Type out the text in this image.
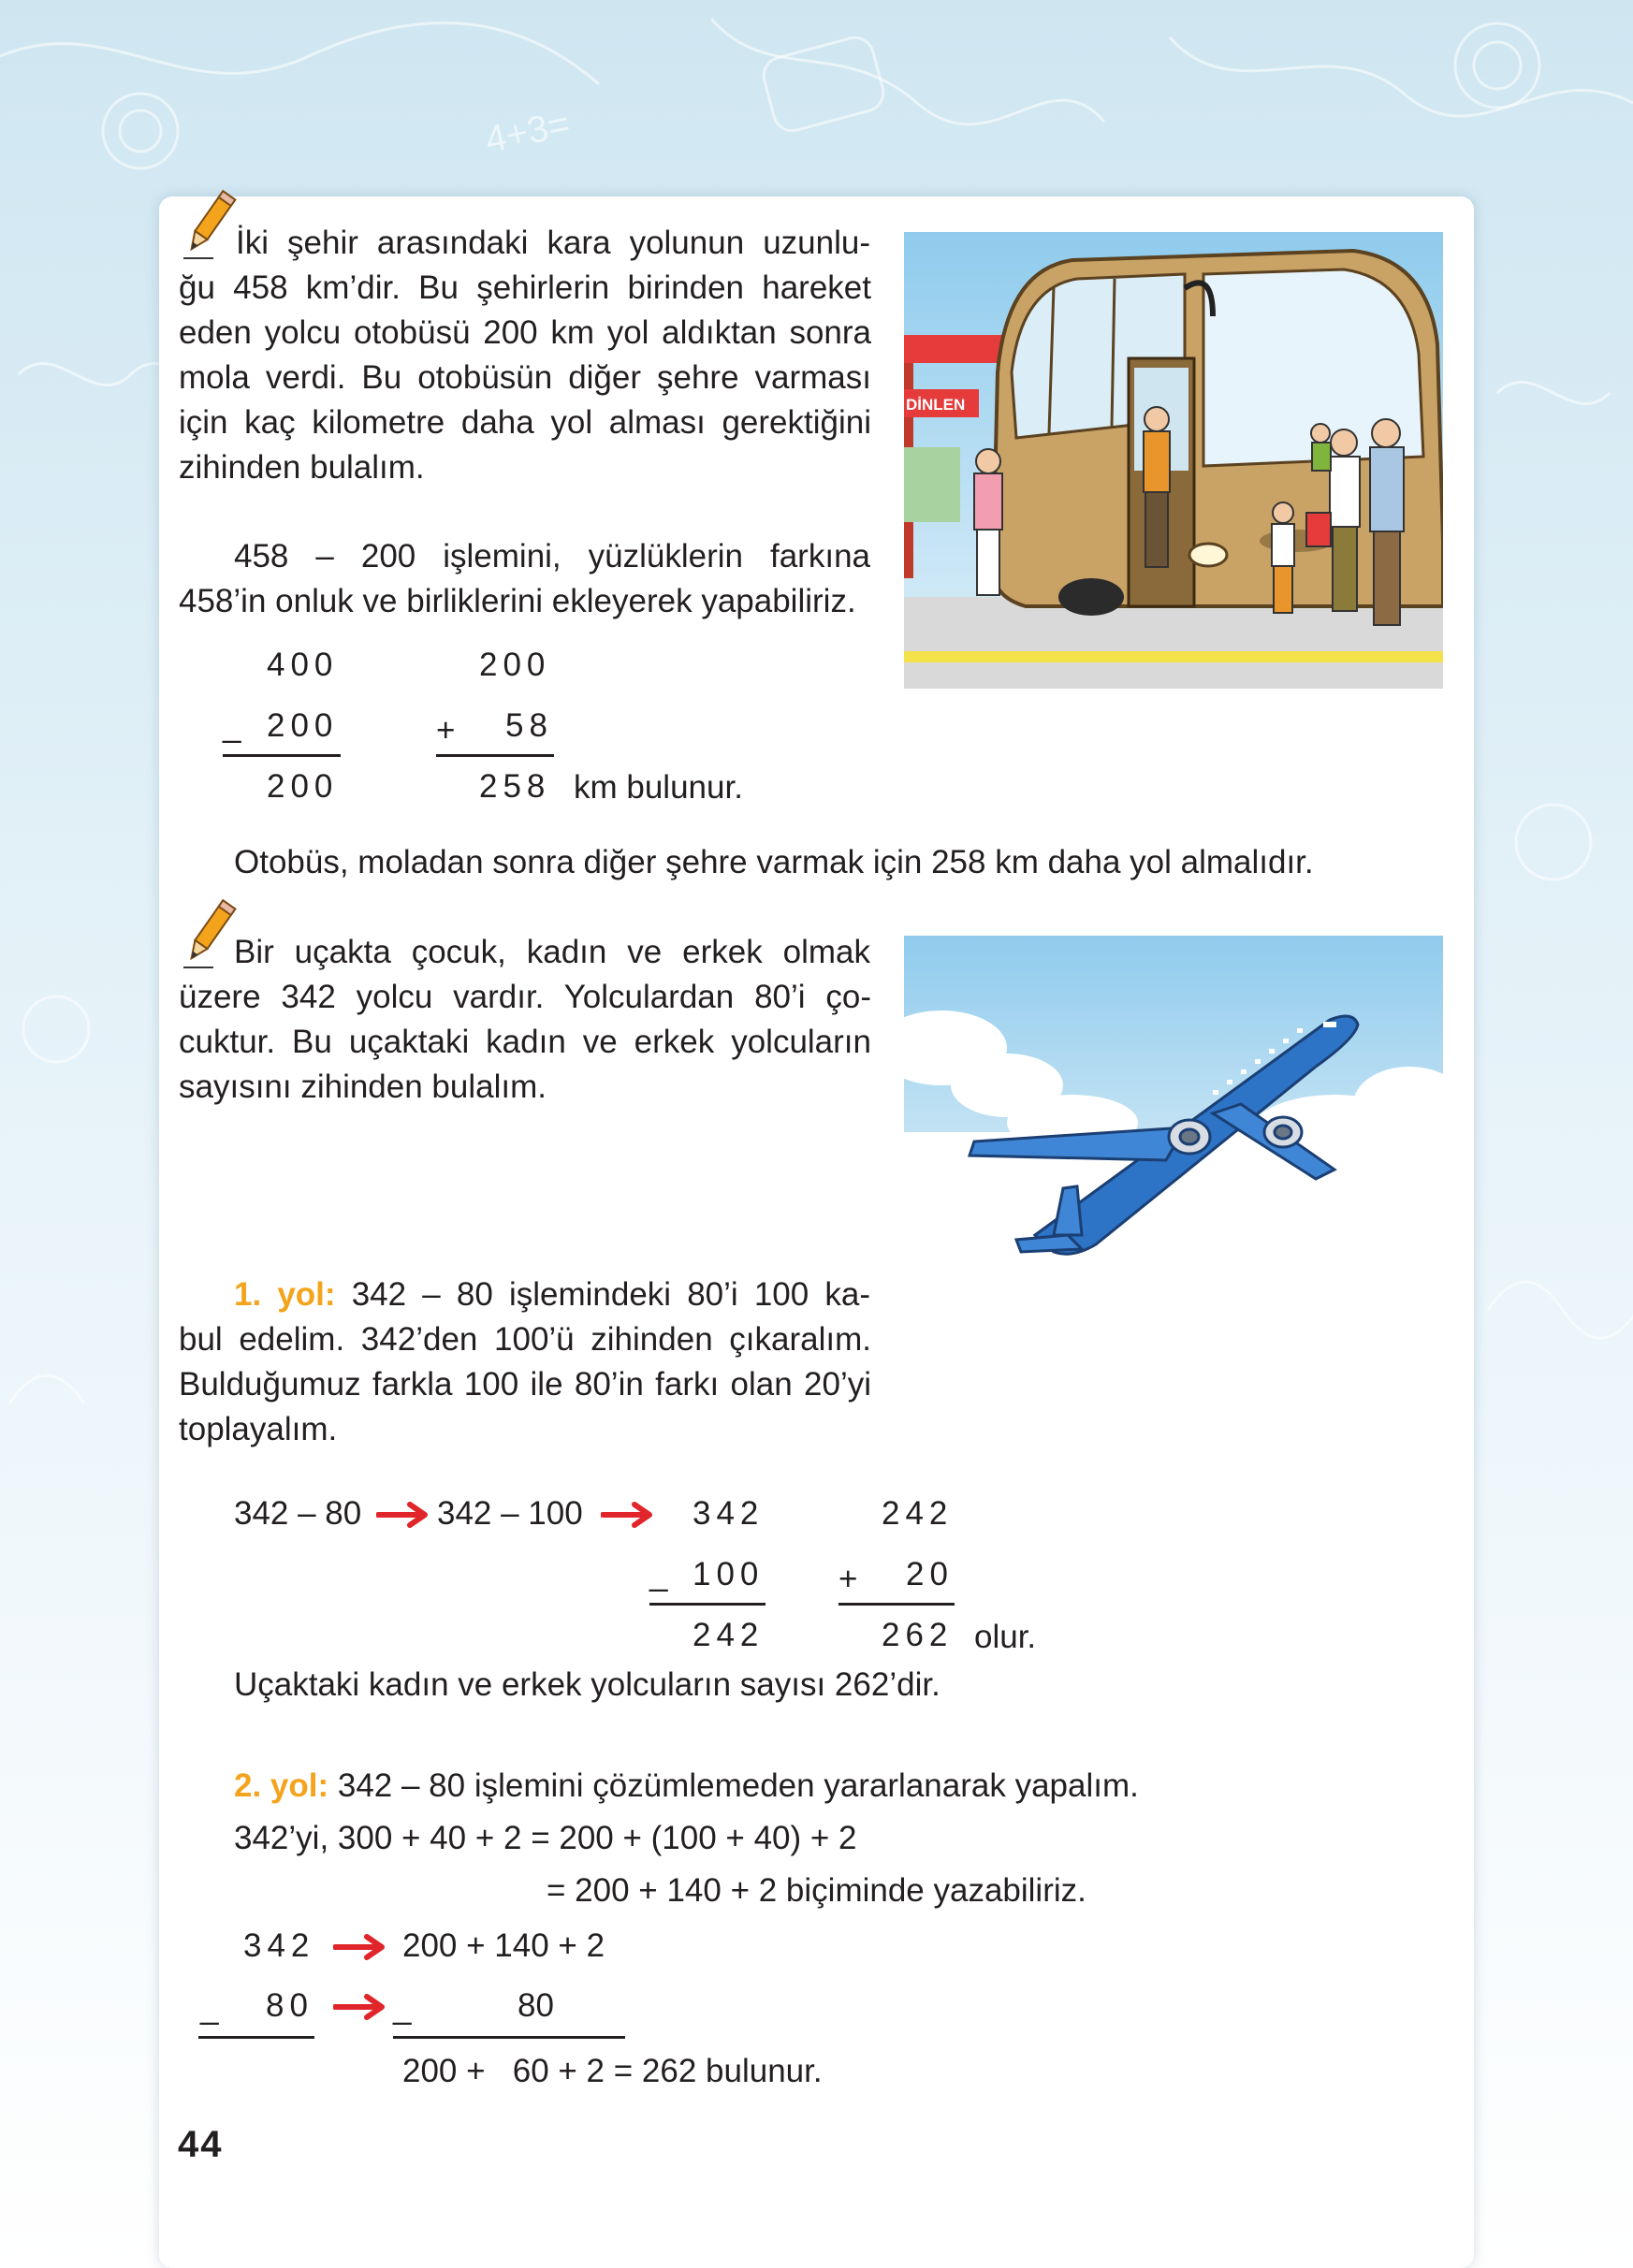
4+3=
İki şehir arasındaki kara yolunun uzunlu-
ğu 458 km’dir. Bu şehirlerin birinden hareket
eden yolcu otobüsü 200 km yol aldıktan sonra
mola verdi. Bu otobüsün diğer şehre varması
için kaç kilometre daha yol alması gerektiğini
zihinden bulalım.
458 – 200 işlemini, yüzlüklerin farkına
458’in onluk ve birliklerini ekleyerek yapabiliriz.
400
_ 200
200
200
+ 58
258 km bulunur.
Otobüs, moladan sonra diğer şehre varmak için 258 km daha yol almalıdır.
DİNLEN
Bir uçakta çocuk, kadın ve erkek olmak
üzere 342 yolcu vardır. Yolculardan 80’i ço-
cuktur. Bu uçaktaki kadın ve erkek yolcuların
sayısını zihinden bulalım.
1. yol: 342 – 80 işlemindeki 80’i 100 ka-
bul edelim. 342’den 100’ü zihinden çıkaralım.
Bulduğumuz farkla 100 ile 80’in farkı olan 20’yi
toplayalım.
342 – 80 342 – 100	342
_ 100
242
242
+ 20
262 olur.
Uçaktaki kadın ve erkek yolcuların sayısı 262’dir.
2. yol: 342 – 80 işlemini çözümlemeden yararlanarak yapalım.
342’yi, 300 + 40 + 2 = 200 + (100 + 40) + 2
= 200 + 140 + 2 biçiminde yazabiliriz.
342	200 + 140 + 2
_ 80 _	80
200 +   60 + 2 = 262 bulunur.
44
